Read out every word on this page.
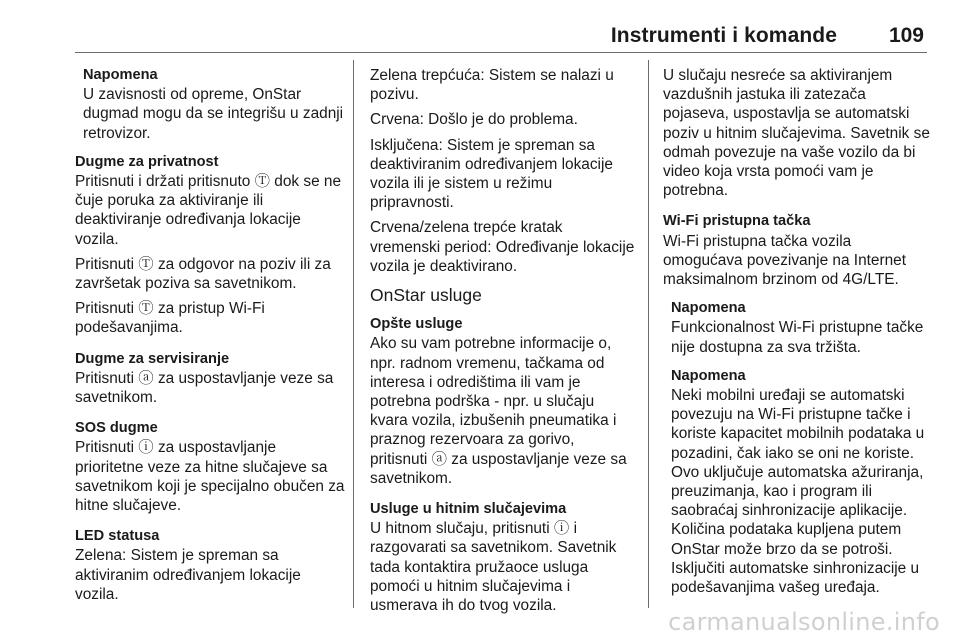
Instrumenti i komande 109
Napomena
U zavisnosti od opreme, OnStar dugmad mogu da se integrišu u zadnji retrovizor.
Dugme za privatnost

Pritisnuti i držati pritisnuto Ⓣ dok se ne čuje poruka za aktiviranje ili deaktiviranje određivanja lokacije vozila.

Pritisnuti Ⓣ za odgovor na poziv ili za završetak poziva sa savetnikom.

Pritisnuti Ⓣ za pristup Wi-Fi podešavanjima.

Dugme za servisiranje

Pritisnuti ⓐ za uspostavljanje veze sa savetnikom.

SOS dugme

Pritisnuti ⓘ za uspostavljanje prioritetne veze za hitne slučajeve sa savetnikom koji je specijalno obučen za hitne slučajeve.

LED statusa

Zelena: Sistem je spreman sa aktiviranim određivanjem lokacije vozila.

Zelena trepćuća: Sistem se nalazi u pozivu.

Crvena: Došlo je do problema.

Isključena: Sistem je spreman sa deaktiviranim određivanjem lokacije vozila ili je sistem u režimu pripravnosti.

Crvena/zelena trepće kratak vremenski period: Određivanje lokacije vozila je deaktivirano.

OnStar usluge
Opšte usluge

Ako su vam potrebne informacije o, npr. radnom vremenu, tačkama od interesa i odredištima ili vam je potrebna podrška - npr. u slučaju kvara vozila, izbušenih pneumatika i praznog rezervoara za gorivo, pritisnuti ⓐ za uspostavljanje veze sa savetnikom.

Usluge u hitnim slučajevima

U hitnom slučaju, pritisnuti ⓘ i razgovarati sa savetnikom. Savetnik tada kontaktira pružaoce usluga pomoći u hitnim slučajevima i usmerava ih do tvog vozila.

U slučaju nesreće sa aktiviranjem vazdušnih jastuka ili zatezača pojaseva, uspostavlja se automatski poziv u hitnim slučajevima. Savetnik se odmah povezuje na vaše vozilo da bi video koja vrsta pomoći vam je potrebna.

Wi-Fi pristupna tačka

Wi-Fi pristupna tačka vozila omogućava povezivanje na Internet maksimalnom brzinom od 4G/LTE.

Napomena
Funkcionalnost Wi-Fi pristupne tačke nije dostupna za sva tržišta.
Napomena
Neki mobilni uređaji se automatski povezuju na Wi-Fi pristupne tačke i koriste kapacitet mobilnih podataka u pozadini, čak iako se oni ne koriste. Ovo uključuje automatska ažuriranja, preuzimanja, kao i program ili saobraćaj sinhronizacije aplikacije. Količina podataka kupljena putem OnStar može brzo da se potroši. Isključiti automatske sinhronizacije u podešavanjima vašeg uređaja.
carmanualsonline.info
